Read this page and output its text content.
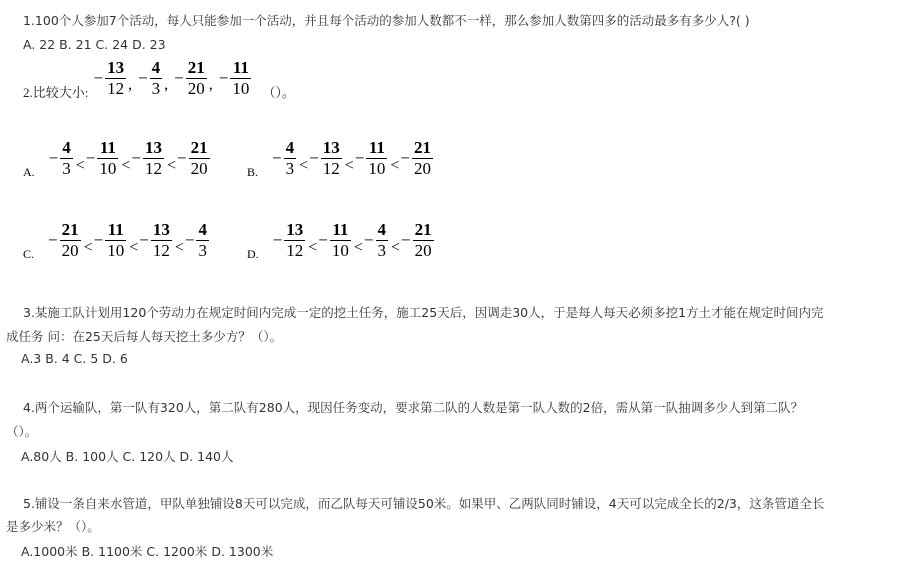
1.100个人参加7个活动，每人只能参加一个活动，并且每个活动的参加人数都不一样，那么参加人数第四多的活动最多有多少人?( )
A. 22 B. 21 C. 24 D. 23
$_{2.比较大小:} - \frac{13}{12}$ , − $\frac{4}{3}$ , − $\frac{21}{20}$ , − $\frac{11}{10} _{()。}$
$_{A.}- \frac{4}{3} <- \frac{11}{10} <- \frac{13}{12} <- \frac{21}{20}$	$_{B.}- \frac{4}{3} <- \frac{13}{12} <- \frac{11}{10} <- \frac{21}{20}$
$_{C.}- \frac{21}{20} <- \frac{11}{10} <- \frac{13}{12} <- \frac{4}{3}$	$_{D.}- \frac{13}{12} <- \frac{11}{10} <- \frac{4}{3} <- \frac{21}{20}$
3.某施工队计划用120个劳动力在规定时间内完成一定的挖土任务，施工25天后，因调走30人，于是每人每天必须多挖1方土才能在规定时间内完
成任务 问：在25天后每人每天挖土多少方？（）。
A.3 B. 4 C. 5 D. 6
4.两个运输队，第一队有320人，第二队有280人，现因任务变动，要求第二队的人数是第一队人数的2倍，需从第一队抽调多少人到第二队？
（）。
A.80人 B. 100人 C. 120人 D. 140人
5.铺设一条自来水管道，甲队单独铺设8天可以完成，而乙队每天可铺设50米。如果甲、乙两队同时铺设，4天可以完成全长的2/3，这条管道全长
是多少米？（）。
A.1000米 B. 1100米 C. 1200米 D. 1300米
